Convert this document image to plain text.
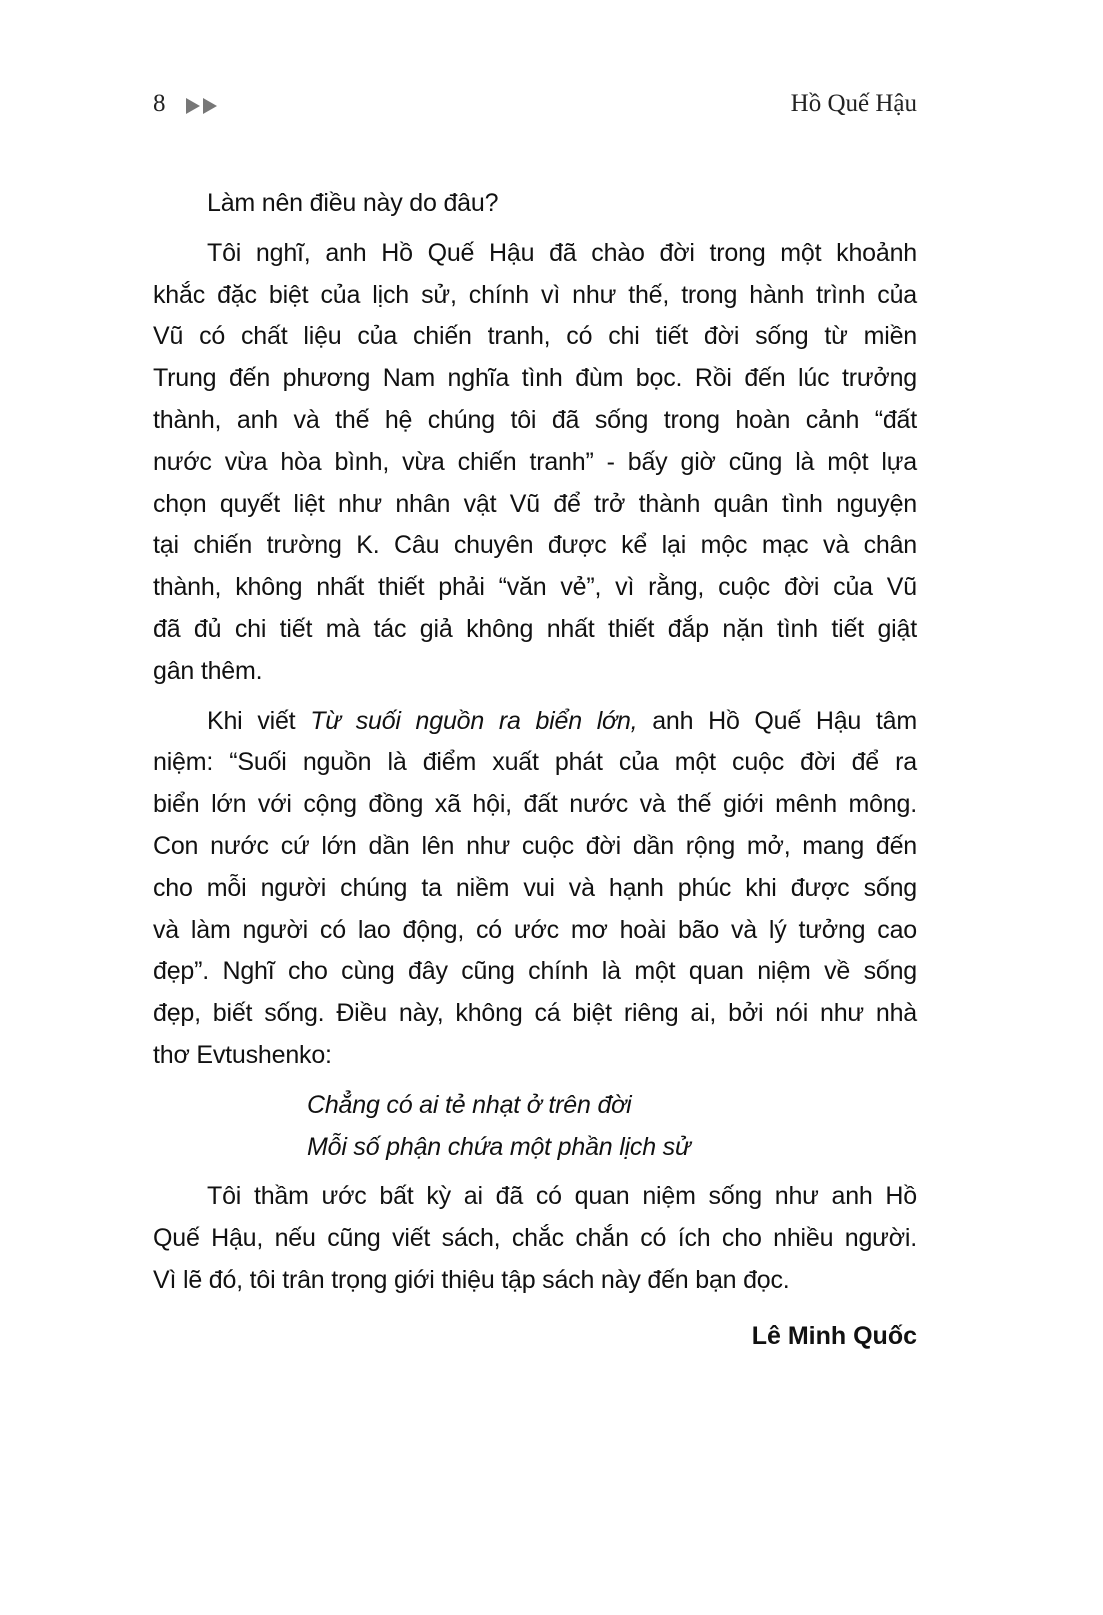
8	Hồ Quế Hậu
Làm nên điều này do đâu?
Tôi nghĩ, anh Hồ Quế Hậu đã chào đời trong một khoảnh
khắc đặc biệt của lịch sử, chính vì như thế, trong hành trình của
Vũ có chất liệu của chiến tranh, có chi tiết đời sống từ miền
Trung đến phương Nam nghĩa tình đùm bọc. Rồi đến lúc trưởng
thành, anh và thế hệ chúng tôi đã sống trong hoàn cảnh “đất
nước vừa hòa bình, vừa chiến tranh” - bấy giờ cũng là một lựa
chọn quyết liệt như nhân vật Vũ để trở thành quân tình nguyện
tại chiến trường K. Câu chuyên được kể lại mộc mạc và chân
thành, không nhất thiết phải “văn vẻ”, vì rằng, cuộc đời của Vũ
đã đủ chi tiết mà tác giả không nhất thiết đắp nặn tình tiết giật
gân thêm.
Khi viết Từ suối nguồn ra biển lớn, anh Hồ Quế Hậu tâm
niệm: “Suối nguồn là điểm xuất phát của một cuộc đời để ra
biển lớn với cộng đồng xã hội, đất nước và thế giới mênh mông.
Con nước cứ lớn dần lên như cuộc đời dần rộng mở, mang đến
cho mỗi người chúng ta niềm vui và hạnh phúc khi được sống
và làm người có lao động, có ước mơ hoài bão và lý tưởng cao
đẹp”. Nghĩ cho cùng đây cũng chính là một quan niệm về sống
đẹp, biết sống. Điều này, không cá biệt riêng ai, bởi nói như nhà
thơ Evtushenko:
Chẳng có ai tẻ nhạt ở trên đời
Mỗi số phận chứa một phần lịch sử
Tôi thầm ước bất kỳ ai đã có quan niệm sống như anh Hồ
Quế Hậu, nếu cũng viết sách, chắc chắn có ích cho nhiều người.
Vì lẽ đó, tôi trân trọng giới thiệu tập sách này đến bạn đọc.
Lê Minh Quốc
